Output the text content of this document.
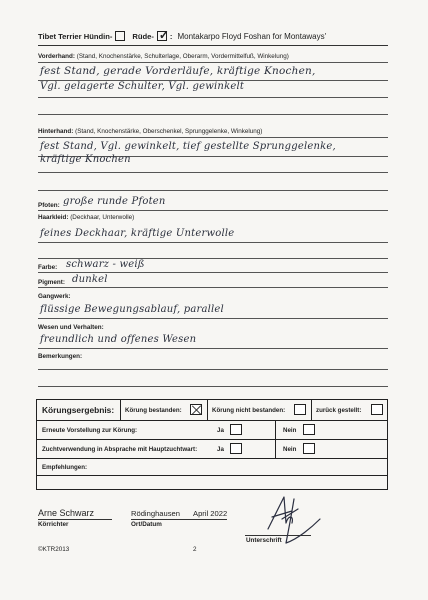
Tibet Terrier Hündin-	Rüde-
✓ : Montakarpo Floyd Foshan for Montaways'
Vorderhand: (Stand, Knochenstärke, Schulterlage, Oberarm, Vordermittelfuß, Winkelung)
fest Stand, gerade Vorderläufe, kräftige Knochen,
Vgl. gelagerte Schulter, Vgl. gewinkelt
Hinterhand: (Stand, Knochenstärke, Oberschenkel, Sprunggelenke, Winkelung)
fest Stand, Vgl. gewinkelt, tief gestellte Sprunggelenke,
kräftige Knochen
Pfoten: große runde Pfoten
Haarkleid: (Deckhaar, Unterwolle)
feines Deckhaar, kräftige Unterwolle
Farbe: schwarz - weiß
Pigment: dunkel
Gangwerk:
flüssige Bewegungsablauf, parallel
Wesen und Verhalten:
freundlich und offenes Wesen
Bemerkungen:
Körungsergebnis: Körung bestanden:	Körung nicht bestanden:	zurück gestellt:
Erneute Vorstellung zur Körung:	Ja	Nein
Zuchtverwendung in Absprache mit Hauptzuchtwart:	Ja	Nein
Empfehlungen:
Arne Schwarz
Körrichter
Rödinghausen April 2022
Ort/Datum
Unterschrift
©KTR2013	2
